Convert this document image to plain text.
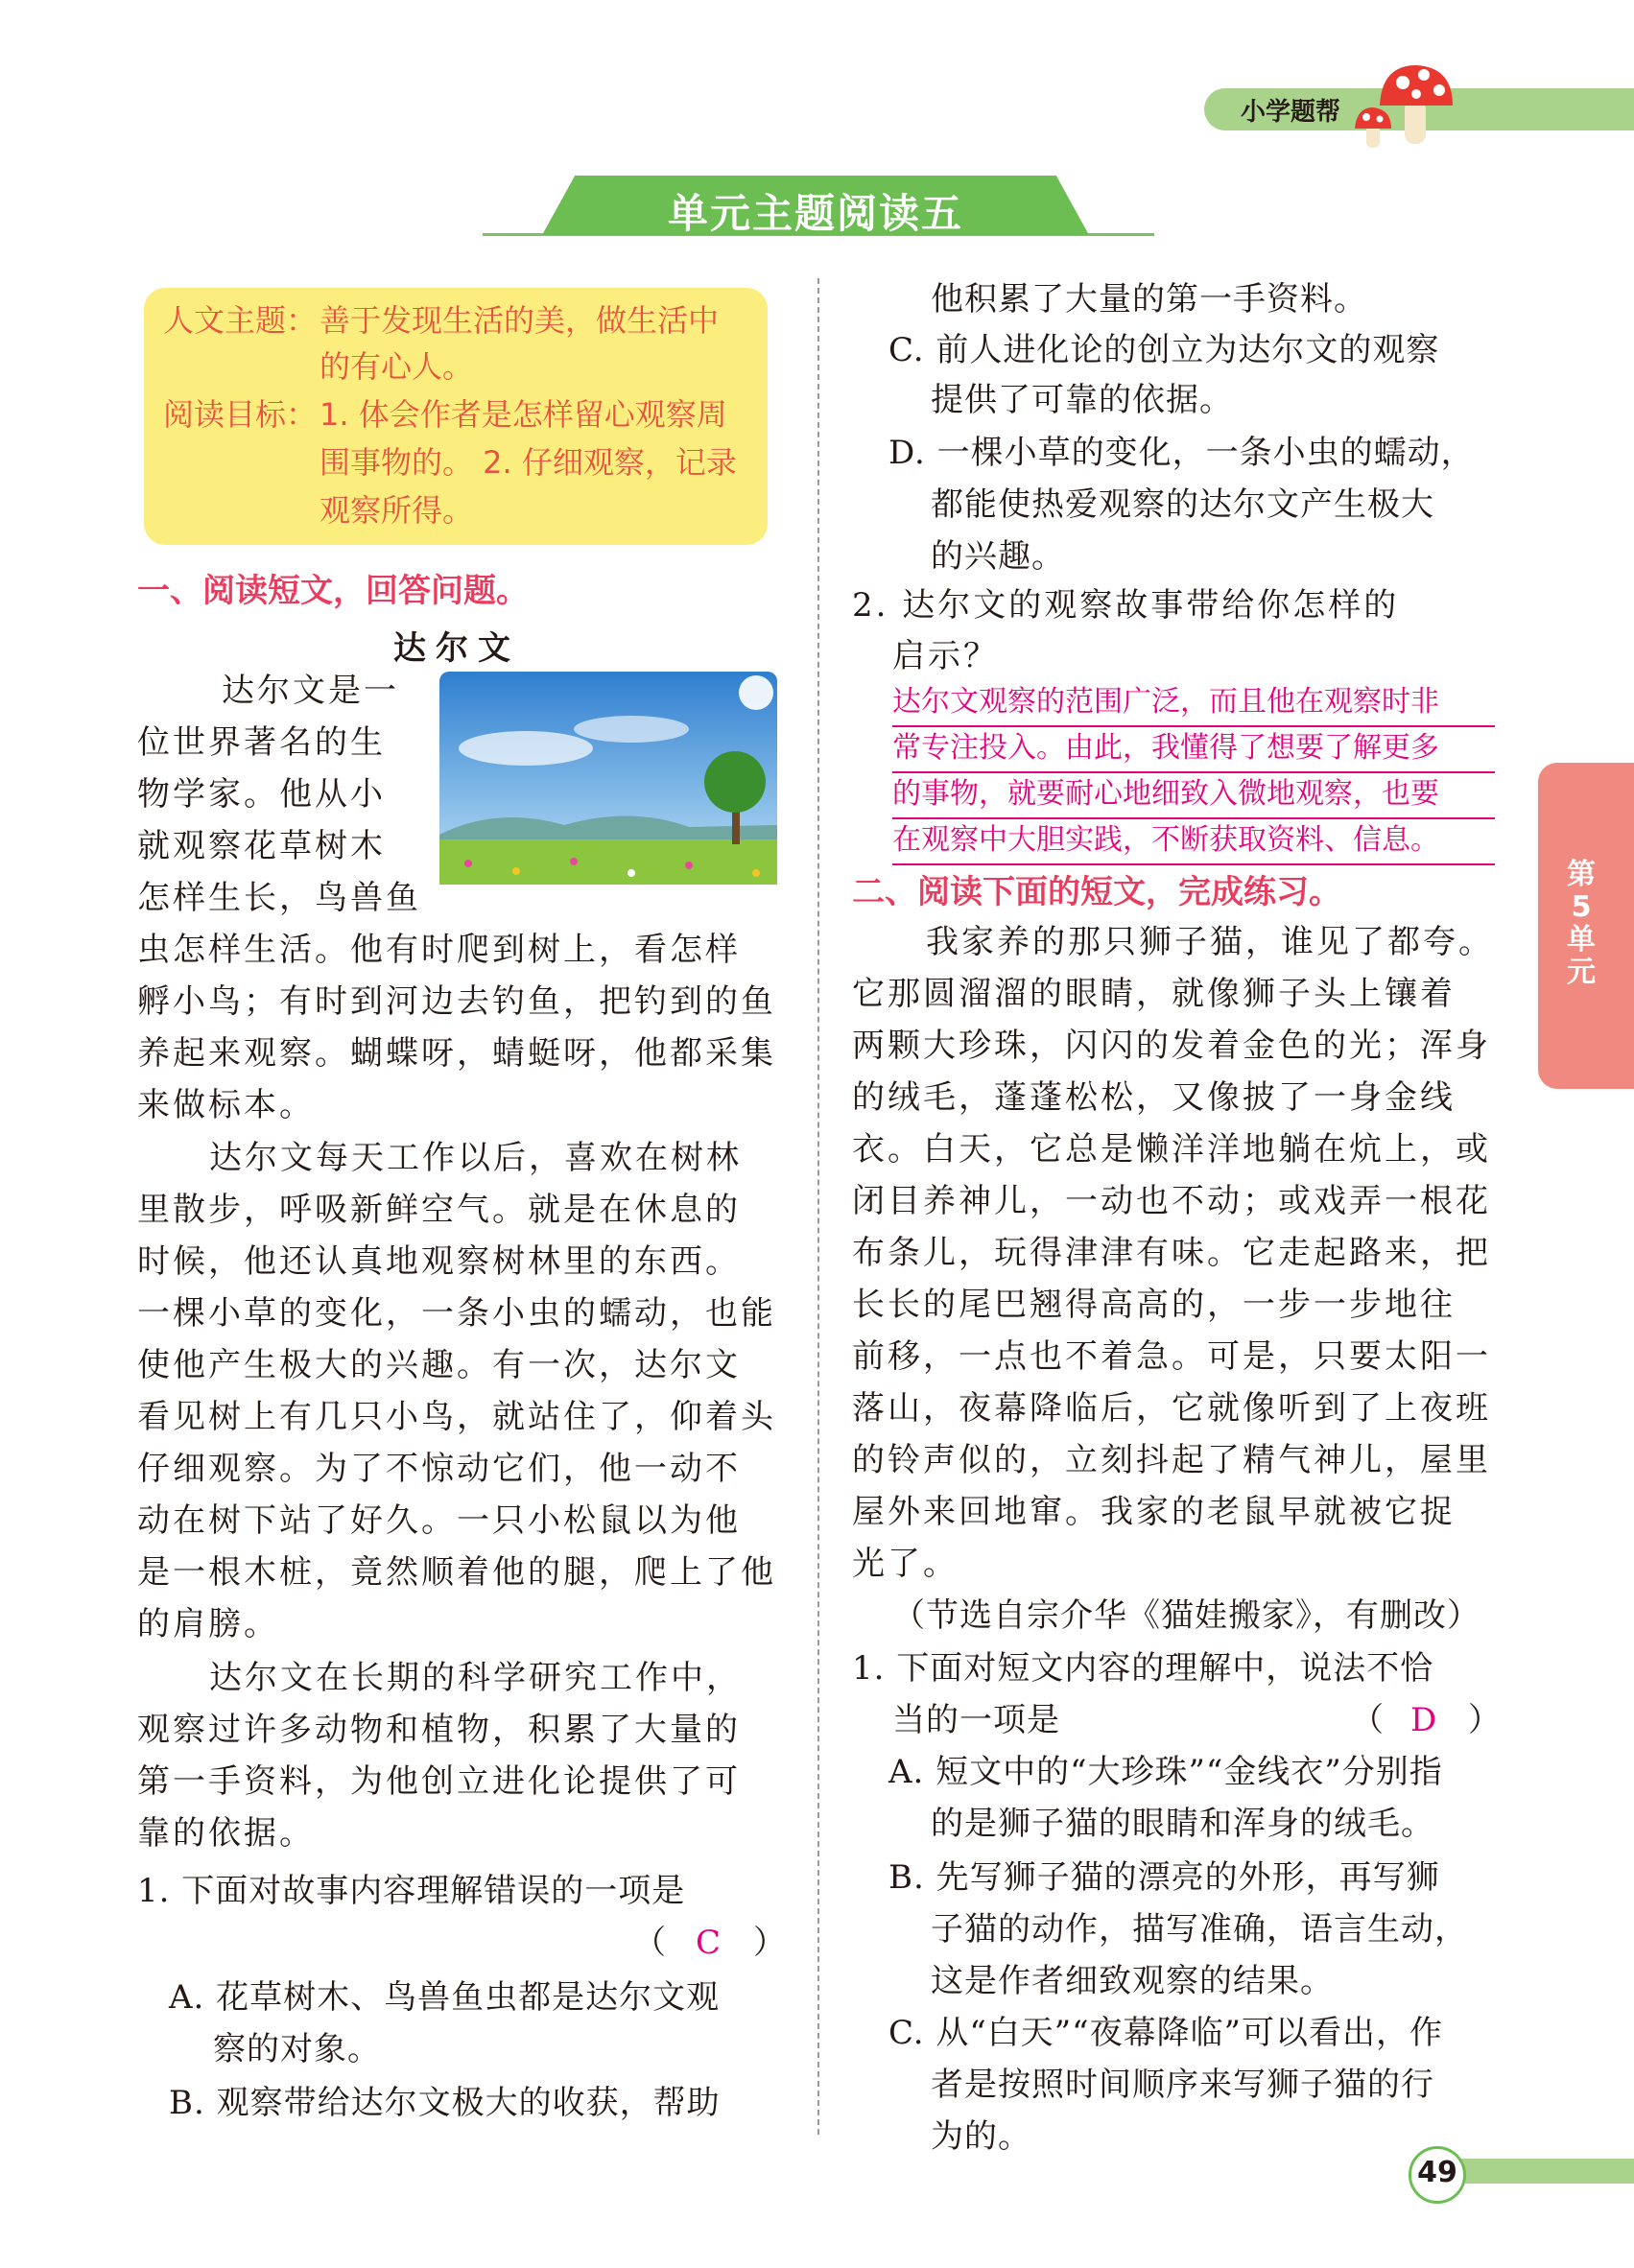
小学题帮
单元主题阅读五
人文主题： 善于发现生活的美，做生活中
的有心人。
阅读目标： 1. 体会作者是怎样留心观察周
围事物的。 2. 仔细观察，记录
观察所得。
一、阅读短文，回答问题。
达尔文
达尔文是一
位世界著名的生
物学家。他从小
就观察花草树木
怎样生长，鸟兽鱼
虫怎样生活。他有时爬到树上，看怎样
孵小鸟；有时到河边去钓鱼，把钓到的鱼
养起来观察。蝴蝶呀，蜻蜓呀，他都采集
来做标本。
达尔文每天工作以后，喜欢在树林
里散步，呼吸新鲜空气。就是在休息的
时候，他还认真地观察树林里的东西。
一棵小草的变化，一条小虫的蠕动，也能
使他产生极大的兴趣。有一次，达尔文
看见树上有几只小鸟，就站住了，仰着头
仔细观察。为了不惊动它们，他一动不
动在树下站了好久。一只小松鼠以为他
是一根木桩，竟然顺着他的腿，爬上了他
的肩膀。
达尔文在长期的科学研究工作中，
观察过许多动物和植物，积累了大量的
第一手资料，为他创立进化论提供了可
靠的依据。
1. 下面对故事内容理解错误的一项是
（ C ）
A. 花草树木、鸟兽鱼虫都是达尔文观
察的对象。
B. 观察带给达尔文极大的收获，帮助
他积累了大量的第一手资料。
C. 前人进化论的创立为达尔文的观察
提供了可靠的依据。
D. 一棵小草的变化，一条小虫的蠕动，
都能使热爱观察的达尔文产生极大
的兴趣。
2. 达尔文的观察故事带给你怎样的
启示？
达尔文观察的范围广泛，而且他在观察时非
常专注投入。由此，我懂得了想要了解更多
的事物，就要耐心地细致入微地观察，也要
在观察中大胆实践，不断获取资料、信息。
二、阅读下面的短文，完成练习。
我家养的那只狮子猫，谁见了都夸。
它那圆溜溜的眼睛，就像狮子头上镶着
两颗大珍珠，闪闪的发着金色的光；浑身
的绒毛，蓬蓬松松，又像披了一身金线
衣。白天，它总是懒洋洋地躺在炕上，或
闭目养神儿，一动也不动；或戏弄一根花
布条儿，玩得津津有味。它走起路来，把
长长的尾巴翘得高高的，一步一步地往
前移，一点也不着急。可是，只要太阳一
落山，夜幕降临后，它就像听到了上夜班
的铃声似的，立刻抖起了精气神儿，屋里
屋外来回地窜。我家的老鼠早就被它捉
光了。
（节选自宗介华《猫娃搬家》，有删改）
1. 下面对短文内容的理解中，说法不恰
当的一项是	（ D ）
A. 短文中的“大珍珠”“金线衣”分别指
的是狮子猫的眼睛和浑身的绒毛。
B. 先写狮子猫的漂亮的外形，再写狮
子猫的动作，描写准确，语言生动，
这是作者细致观察的结果。
C. 从“白天”“夜幕降临”可以看出，作
者是按照时间顺序来写狮子猫的行
为的。
第5单元
49
